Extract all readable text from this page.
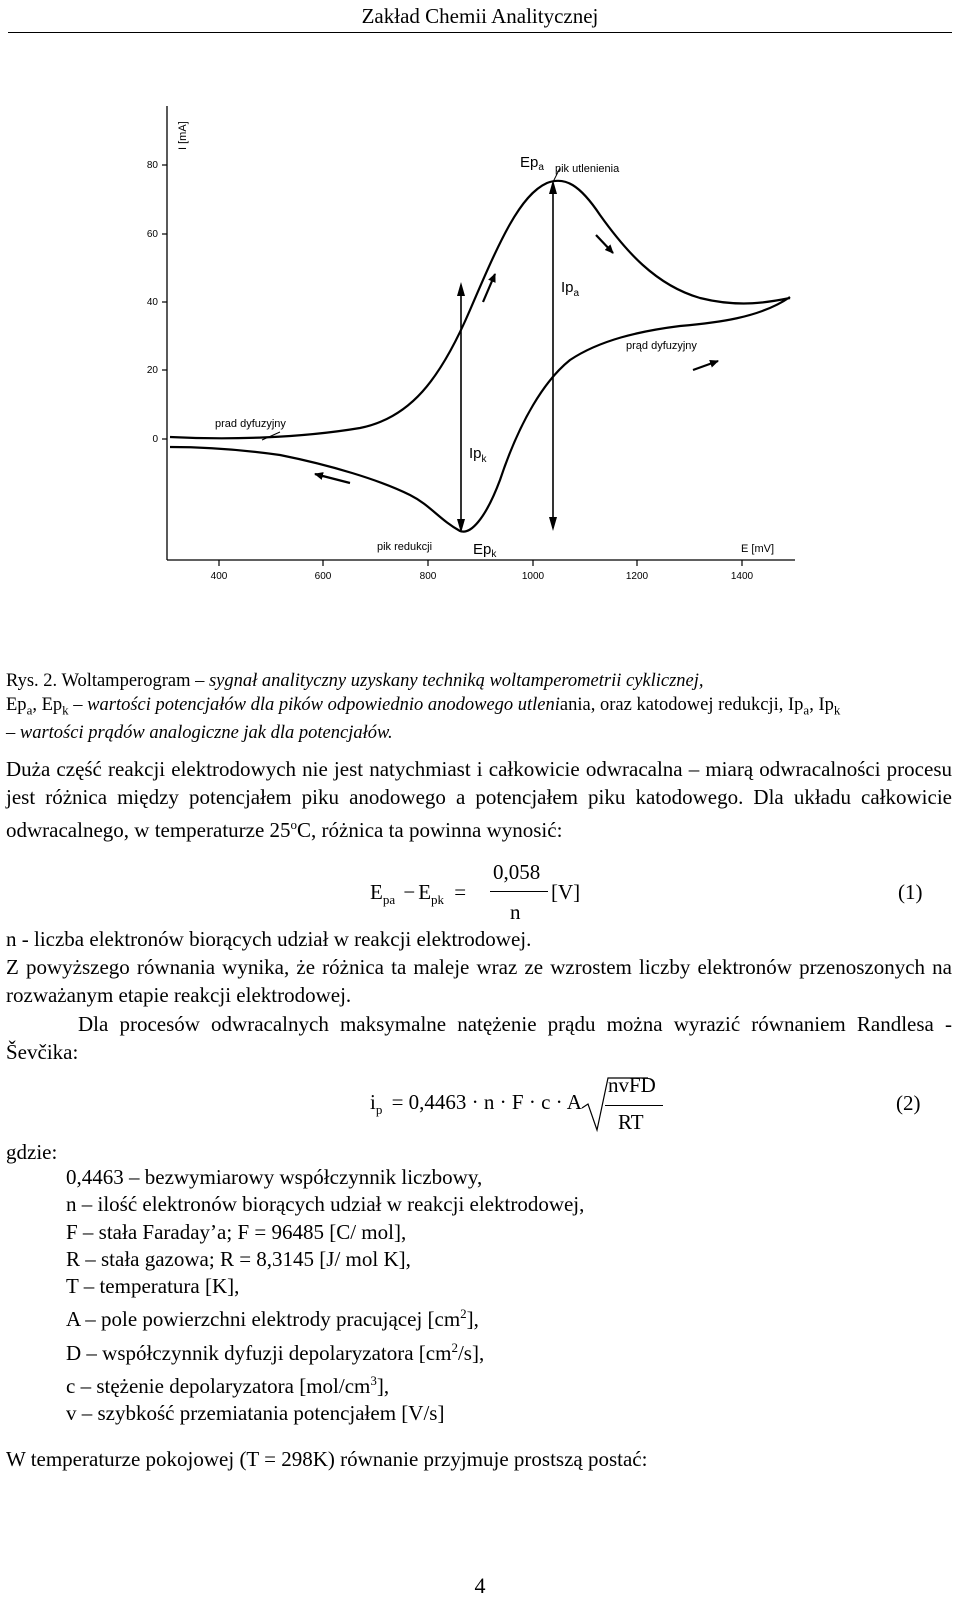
Zakład Chemii Analitycznej
80
60
40
20
0
I [mA]
400	600	800	1000	1200	1400
E [mV]
$Ep_a$ pik utlenienia
$Ip_a$
prąd dyfuzyjny
prad dyfuzyjny
$Ip_k$
pik redukcji	$Ep_k$
Rys. 2. Woltamperogram – sygnał analityczny uzyskany techniką woltamperometrii cyklicznej,
$Ep_a$, $Ep_k$ – wartości potencjałów dla pików odpowiednio anodowego utleniania, oraz katodowej redukcji, $Ip_a$, $Ip_k$
– wartości prądów analogiczne jak dla potencjałów.
Duża część reakcji elektrodowych nie jest natychmiast i całkowicie odwracalna – miarą odwracalności procesu jest różnica między potencjałem piku anodowego a potencjałem piku katodowego. Dla układu całkowicie odwracalnego, w temperaturze 25$^o$C, różnica ta powinna wynosić:
$E_{pa} - E_{pk}$ =
0,058
n
[V]	(1)
n - liczba elektronów biorących udział w reakcji elektrodowej.
Z powyższego równania wynika, że różnica ta maleje wraz ze wzrostem liczby elektronów przenoszonych na rozważanym etapie reakcji elektrodowej.
Dla procesów odwracalnych maksymalne natężenie prądu można wyrazić równaniem Randlesa - Ševčika:
$i_p = 0,4463 \cdot n \cdot F \cdot c \cdot A$
nvFD
RT
(2)
gdzie:
0,4463 – bezwymiarowy współczynnik liczbowy,
n – ilość elektronów biorących udział w reakcji elektrodowej,
F – stała Faraday’a; F = 96485 [C/ mol],
R – stała gazowa; R = 8,3145 [J/ mol K],
T – temperatura [K],
A – pole powierzchni elektrody pracującej $[cm^2]$,
D – współczynnik dyfuzji depolaryzatora $[cm^2/s]$,
c – stężenie depolaryzatora $[mol/cm^3]$,
v – szybkość przemiatania potencjałem [V/s]
W temperaturze pokojowej (T = 298K) równanie przyjmuje prostszą postać:
4
